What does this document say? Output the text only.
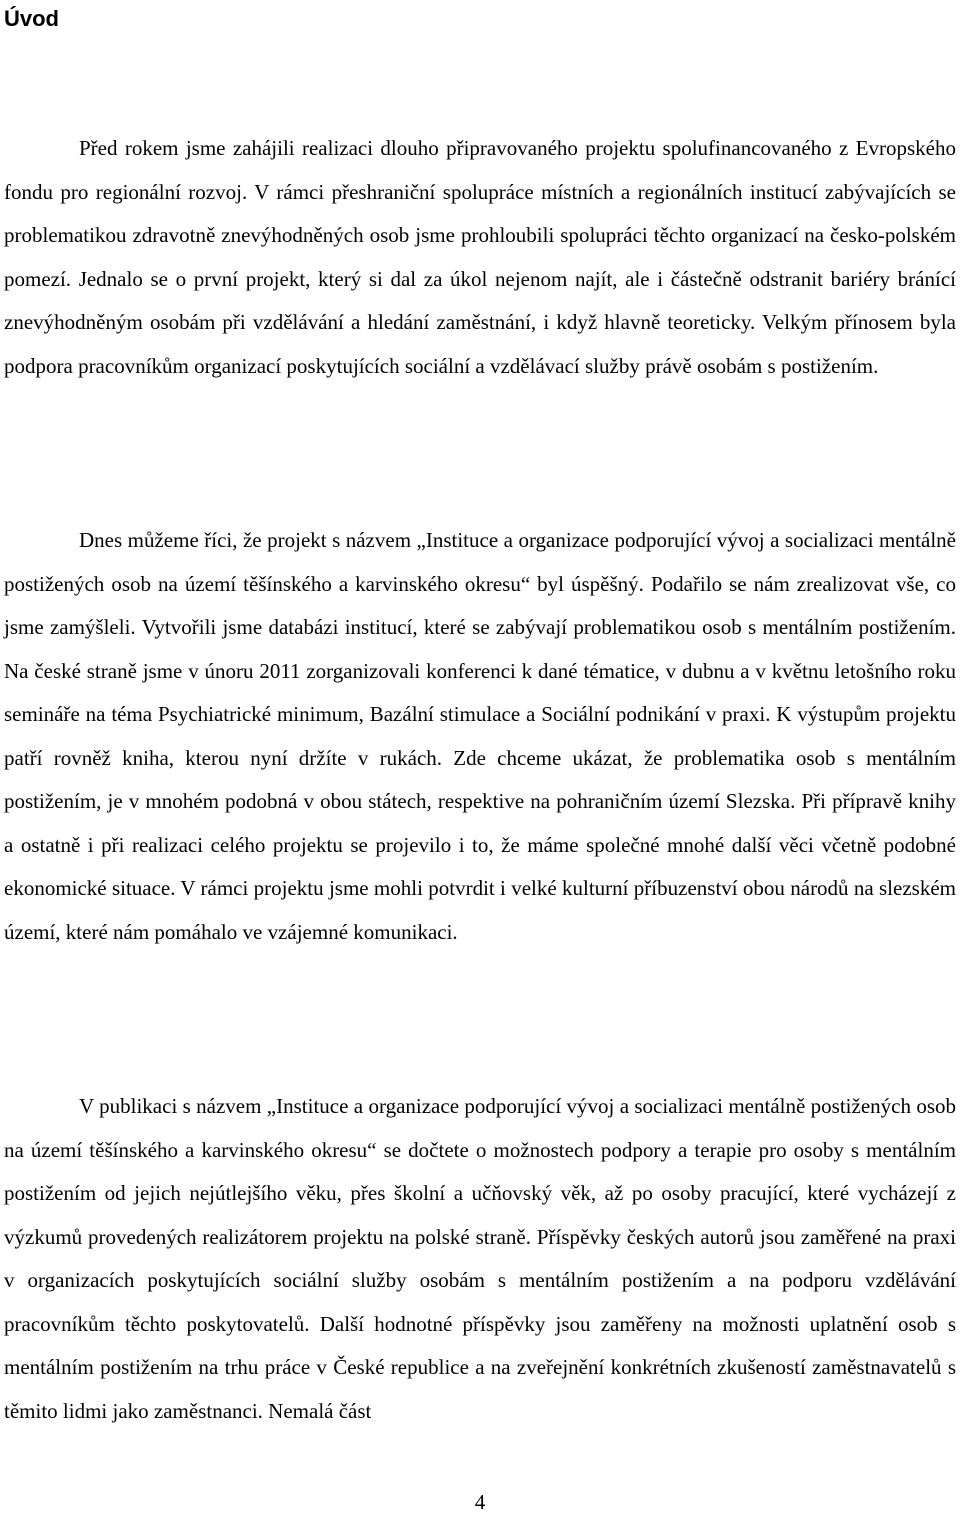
Úvod

Před rokem jsme zahájili realizaci dlouho připravovaného projektu spolufinancovaného z Evropského fondu pro regionální rozvoj. V rámci přeshraniční spolupráce místních a regionálních institucí zabývajících se problematikou zdravotně znevýhodněných osob jsme prohloubili spolupráci těchto organizací na česko-polském pomezí. Jednalo se o první projekt, který si dal za úkol nejenom najít, ale i částečně odstranit bariéry bránící znevýhodněným osobám při vzdělávání a hledání zaměstnání, i když hlavně teoreticky. Velkým přínosem byla podpora pracovníkům organizací poskytujících sociální a vzdělávací služby právě osobám s postižením.

Dnes můžeme říci, že projekt s názvem „Instituce a organizace podporující vývoj a socializaci mentálně postižených osob na území těšínského a karvinského okresu“ byl úspěšný. Podařilo se nám zrealizovat vše, co jsme zamýšleli. Vytvořili jsme databázi institucí, které se zabývají problematikou osob s mentálním postižením. Na české straně jsme v únoru 2011 zorganizovali konferenci k dané tématice, v dubnu a v květnu letošního roku semináře na téma Psychiatrické minimum, Bazální stimulace a Sociální podnikání v praxi. K výstupům projektu patří rovněž kniha, kterou nyní držíte v rukách. Zde chceme ukázat, že problematika osob s mentálním postižením, je v mnohém podobná v obou státech, respektive na pohraničním území Slezska. Při přípravě knihy a ostatně i při realizaci celého projektu se projevilo i to, že máme společné mnohé další věci včetně podobné ekonomické situace. V rámci projektu jsme mohli potvrdit i velké kulturní příbuzenství obou národů na slezském území, které nám pomáhalo ve vzájemné komunikaci.

V publikaci s názvem „Instituce a organizace podporující vývoj a socializaci mentálně postižených osob na území těšínského a karvinského okresu“ se dočtete o možnostech podpory a terapie pro osoby s mentálním postižením od jejich nejútlejšího věku, přes školní a učňovský věk, až po osoby pracující, které vycházejí z výzkumů provedených realizátorem projektu na polské straně. Příspěvky českých autorů jsou zaměřené na praxi v organizacích poskytujících sociální služby osobám s mentálním postižením a na podporu vzdělávání pracovníkům těchto poskytovatelů. Další hodnotné příspěvky jsou zaměřeny na možnosti uplatnění osob s mentálním postižením na trhu práce v České republice a na zveřejnění konkrétních zkušeností zaměstnavatelů s těmito lidmi jako zaměstnanci. Nemalá část

4
